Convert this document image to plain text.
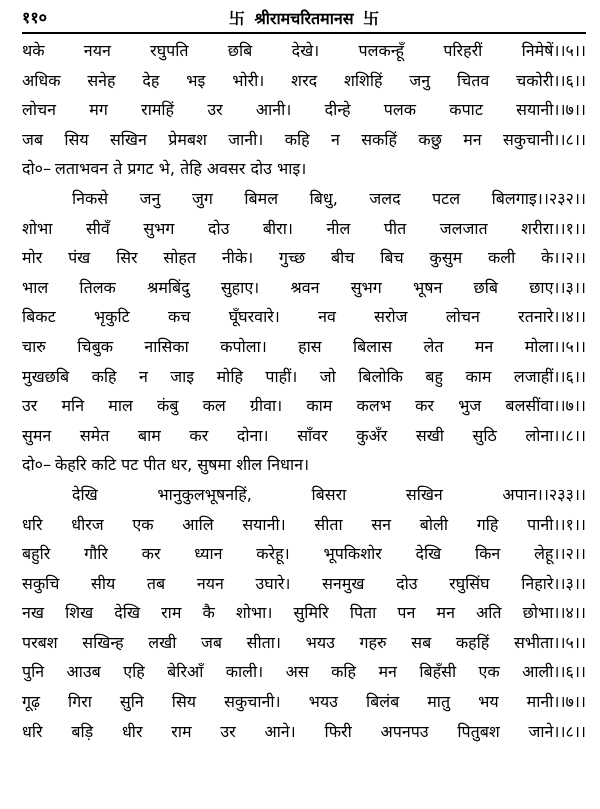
११०	卐 श्रीरामचरितमानस 卐
थके नयन रघुपति छबि देखे। पलकन्हूँ परिहरीं निमेषें।।५।।
अधिक सनेह देह भइ भोरी। शरद शशिहिं जनु चितव चकोरी।।६।।
लोचन मग रामहिं उर आनी। दीन्हे पलक कपाट सयानी।।७।।
जब सिय सखिन प्रेमबश जानी। कहि न सकहिं कछु मन सकुचानी।।८।।
दो०– लताभवन ते प्रगट भे, तेहि अवसर दोउ भाइ।
निकसे जनु जुग बिमल बिधु, जलद पटल बिलगाइ।।२३२।।
शोभा सीवँ सुभग दोउ बीरा। नील पीत जलजात शरीरा।।१।।
मोर पंख सिर सोहत नीके। गुच्छ बीच बिच कुसुम कली के।।२।।
भाल तिलक श्रमबिंदु सुहाए। श्रवन सुभग भूषन छबि छाए।।३।।
बिकट भृकुटि कच घूँघरवारे। नव सरोज लोचन रतनारे।।४।।
चारु चिबुक नासिका कपोला। हास बिलास लेत मन मोला।।५।।
मुखछबि कहि न जाइ मोहि पाहीं। जो बिलोकि बहु काम लजाहीं।।६।।
उर मनि माल कंबु कल ग्रीवा। काम कलभ कर भुज बलसींवा।।७।।
सुमन समेत बाम कर दोना। साँवर कुअँर सखी सुठि लोना।।८।।
दो०– केहरि कटि पट पीत धर, सुषमा शील निधान।
देखि भानुकुलभूषनहिं, बिसरा सखिन अपान।।२३३।।
धरि धीरज एक आलि सयानी। सीता सन बोली गहि पानी।।१।।
बहुरि गौरि कर ध्यान करेहू। भूपकिशोर देखि किन लेहू।।२।।
सकुचि सीय तब नयन उघारे। सनमुख दोउ रघुसिंघ निहारे।।३।।
नख शिख देखि राम कै शोभा। सुमिरि पिता पन मन अति छोभा।।४।।
परबश सखिन्ह लखी जब सीता। भयउ गहरु सब कहहिं सभीता।।५।।
पुनि आउब एहि बेरिआँ काली। अस कहि मन बिहँसी एक आली।।६।।
गूढ़ गिरा सुनि सिय सकुचानी। भयउ बिलंब मातु भय मानी।।७।।
धरि बड़ि धीर राम उर आने। फिरी अपनपउ पितुबश जाने।।८।।
